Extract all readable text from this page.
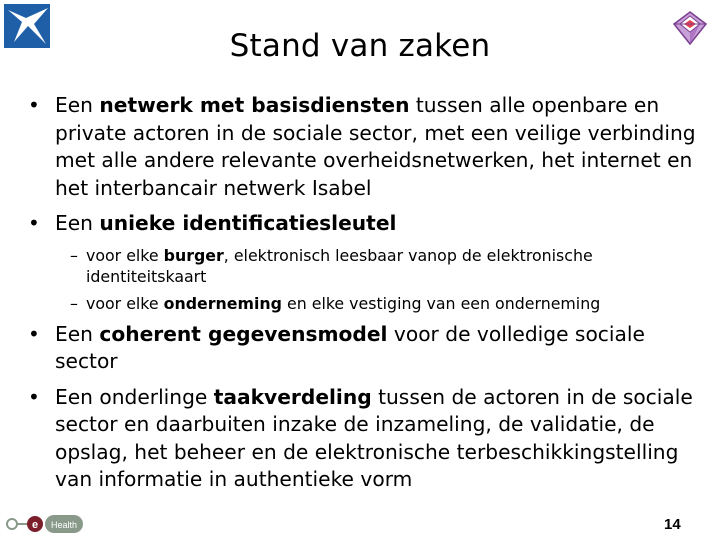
Stand van zaken

• Een netwerk met basisdiensten tussen alle openbare en private actoren in de sociale sector, met een veilige verbinding met alle andere relevante overheidsnetwerken, het internet en het interbancair netwerk Isabel

• Een unieke identificatiesleutel

– voor elke burger, elektronisch leesbaar vanop de elektronische identiteitskaart

– voor elke onderneming en elke vestiging van een onderneming

• Een coherent gegevensmodel voor de volledige sociale sector

• Een onderlinge taakverdeling tussen de actoren in de sociale sector en daarbuiten inzake de inzameling, de validatie, de opslag, het beheer en de elektronische terbeschikkingstelling van informatie in authentieke vorm

e Health	14
